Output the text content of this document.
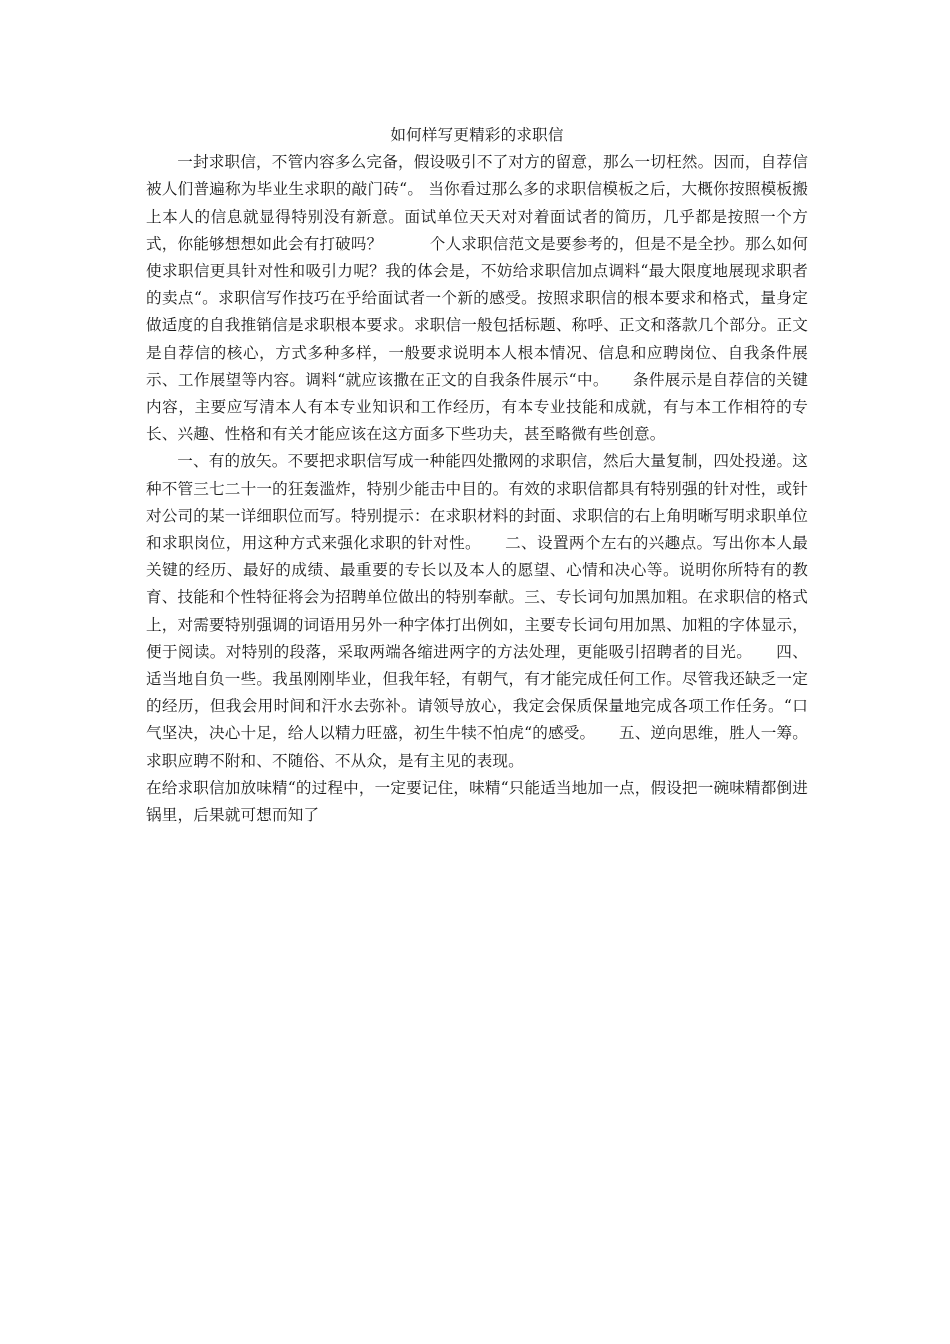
如何样写更精彩的求职信

一封求职信，不管内容多么完备，假设吸引不了对方的留意，那么一切枉然。因而，自荐信被人们普遍称为毕业生求职的敲门砖“。 当你看过那么多的求职信模板之后，大概你按照模板搬上本人的信息就显得特别没有新意。面试单位天天对对着面试者的简历，几乎都是按照一个方式，你能够想想如此会有打破吗？　　　个人求职信范文是要参考的，但是不是全抄。那么如何使求职信更具针对性和吸引力呢？我的体会是，不妨给求职信加点调料“最大限度地展现求职者的卖点“。求职信写作技巧在乎给面试者一个新的感受。按照求职信的根本要求和格式，量身定做适度的自我推销信是求职根本要求。求职信一般包括标题、称呼、正文和落款几个部分。正文是自荐信的核心，方式多种多样，一般要求说明本人根本情况、信息和应聘岗位、自我条件展示、工作展望等内容。调料“就应该撒在正文的自我条件展示“中。　　条件展示是自荐信的关键内容，主要应写清本人有本专业知识和工作经历，有本专业技能和成就，有与本工作相符的专长、兴趣、性格和有关才能应该在这方面多下些功夫，甚至略微有些创意。

一、有的放矢。不要把求职信写成一种能四处撒网的求职信，然后大量复制，四处投递。这种不管三七二十一的狂轰滥炸，特别少能击中目的。有效的求职信都具有特别强的针对性，或针对公司的某一详细职位而写。特别提示：在求职材料的封面、求职信的右上角明晰写明求职单位和求职岗位，用这种方式来强化求职的针对性。　　二、设置两个左右的兴趣点。写出你本人最关键的经历、最好的成绩、最重要的专长以及本人的愿望、心情和决心等。说明你所特有的教育、技能和个性特征将会为招聘单位做出的特别奉献。三、专长词句加黑加粗。在求职信的格式上，对需要特别强调的词语用另外一种字体打出例如，主要专长词句用加黑、加粗的字体显示，便于阅读。对特别的段落，采取两端各缩进两字的方法处理，更能吸引招聘者的目光。　　四、适当地自负一些。我虽刚刚毕业，但我年轻，有朝气，有才能完成任何工作。尽管我还缺乏一定的经历，但我会用时间和汗水去弥补。请领导放心，我定会保质保量地完成各项工作任务。“口气坚决，决心十足，给人以精力旺盛，初生牛犊不怕虎“的感受。　　五、逆向思维，胜人一筹。求职应聘不附和、不随俗、不从众，是有主见的表现。

在给求职信加放味精“的过程中，一定要记住，味精“只能适当地加一点，假设把一碗味精都倒进锅里，后果就可想而知了
